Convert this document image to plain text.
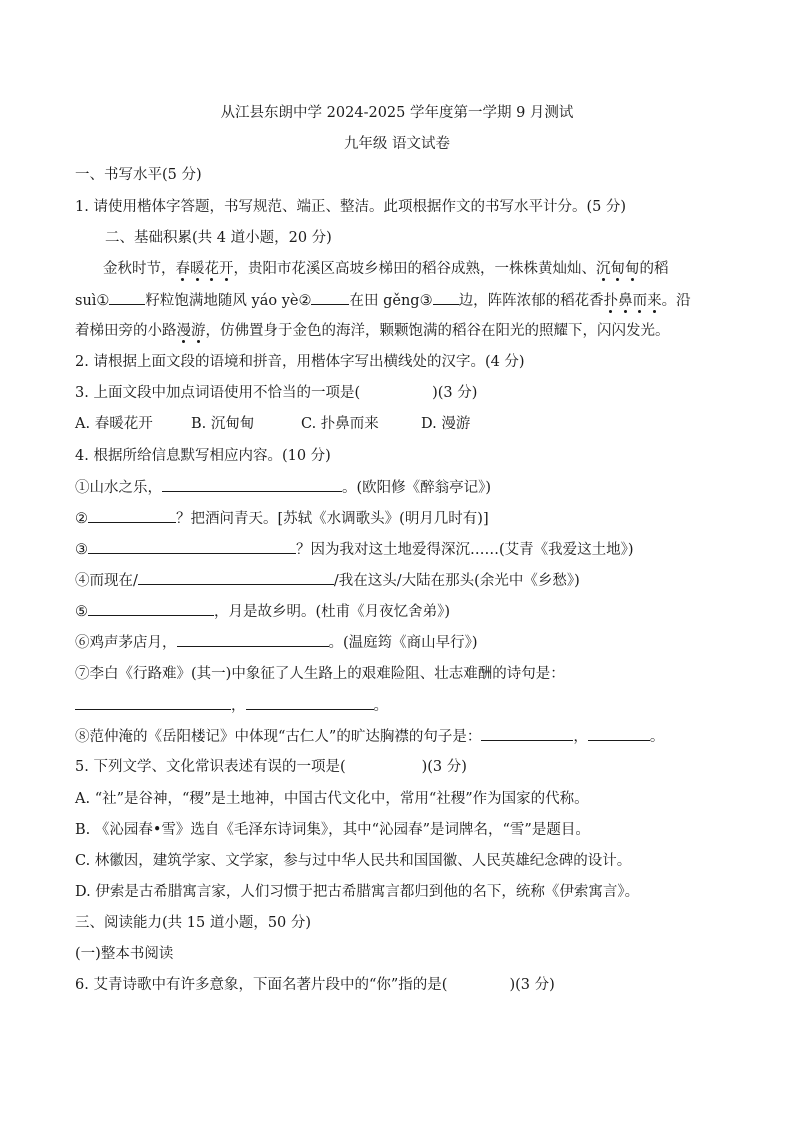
从江县东朗中学 2024-2025 学年度第一学期 9 月测试
九年级 语文试卷
一、书写水平(5 分)
1. 请使用楷体字答题，书写规范、端正、整洁。此项根据作文的书写水平计分。(5 分)
二、基础积累(共 4 道小题，20 分)
金秋时节，春暖花开，贵阳市花溪区高坡乡梯田的稻谷成熟，一株株黄灿灿、沉甸甸的稻
suì① 籽粒饱满地随风 yáo yè②	在田 gěng③ 边，阵阵浓郁的稻花香扑鼻而来。沿
着梯田旁的小路漫游，仿佛置身于金色的海洋，颗颗饱满的稻谷在阳光的照耀下，闪闪发光。
2. 请根据上面文段的语境和拼音，用楷体字写出横线处的汉字。(4 分)
3. 上面文段中加点词语使用不恰当的一项是(	)(3 分)
A. 春暖花开	B. 沉甸甸	C. 扑鼻而来	D. 漫游
4. 根据所给信息默写相应内容。(10 分)
①山水之乐，	。(欧阳修《醉翁亭记》)
②	？把酒问青天。[苏轼《水调歌头》(明月几时有)]
③	？因为我对这土地爱得深沉……(艾青《我爱这土地》)
④而现在/	/我在这头/大陆在那头(余光中《乡愁》)
⑤	，月是故乡明。(杜甫《月夜忆舍弟》)
⑥鸡声茅店月，	。(温庭筠《商山早行》)
⑦李白《行路难》(其一)中象征了人生路上的艰难险阻、壮志难酬的诗句是：
，	。
⑧范仲淹的《岳阳楼记》中体现“古仁人”的旷达胸襟的句子是：	，	。
5. 下列文学、文化常识表述有误的一项是(	)(3 分)
A. “社”是谷神，“稷”是土地神，中国古代文化中，常用“社稷”作为国家的代称。
B. 《沁园春•雪》选自《毛泽东诗词集》，其中“沁园春”是词牌名，“雪”是题目。
C. 林徽因，建筑学家、文学家，参与过中华人民共和国国徽、人民英雄纪念碑的设计。
D. 伊索是古希腊寓言家，人们习惯于把古希腊寓言都归到他的名下，统称《伊索寓言》。
三、阅读能力(共 15 道小题，50 分)
(一)整本书阅读
6. 艾青诗歌中有许多意象，下面名著片段中的“你”指的是(	)(3 分)
